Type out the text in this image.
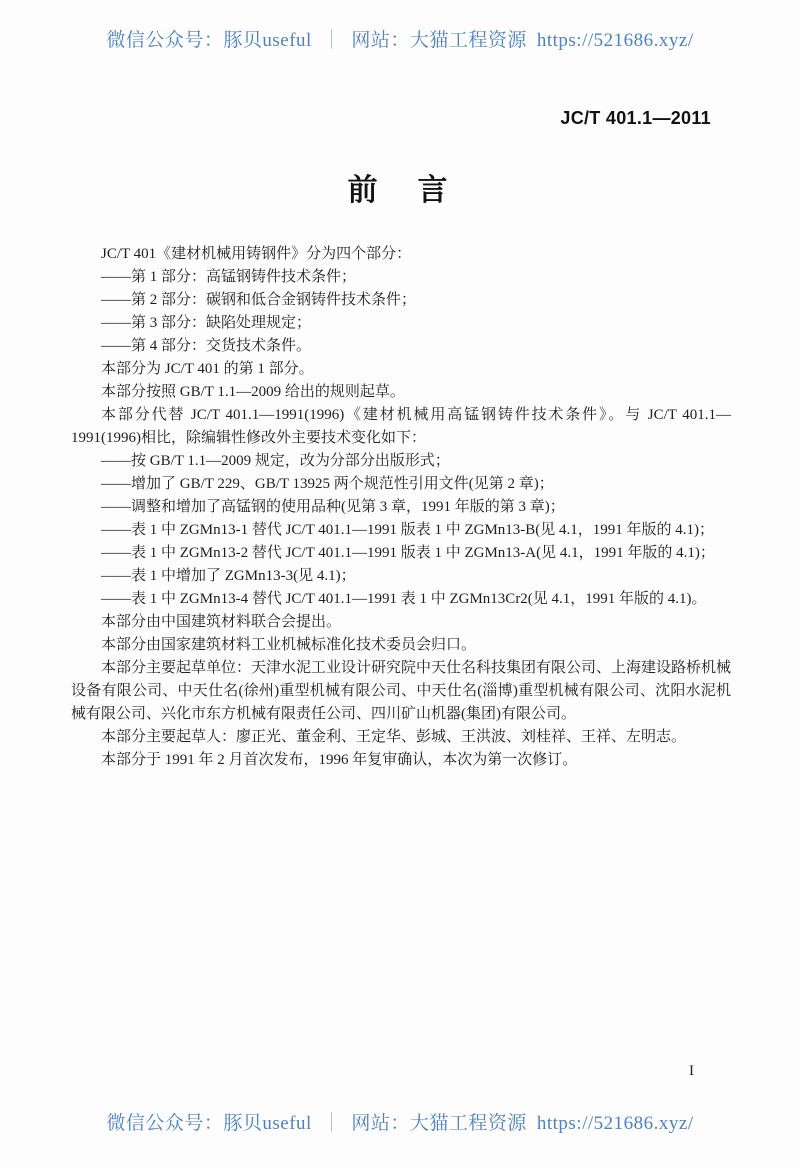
微信公众号：豚贝useful ｜ 网站：大猫工程资源 https://521686.xyz/
JC/T 401.1—2011
前　言

JC/T 401《建材机械用铸钢件》分为四个部分：

——第 1 部分：高锰钢铸件技术条件；

——第 2 部分：碳钢和低合金钢铸件技术条件；

——第 3 部分：缺陷处理规定；

——第 4 部分：交货技术条件。

本部分为 JC/T 401 的第 1 部分。

本部分按照 GB/T 1.1—2009 给出的规则起草。

本部分代替 JC/T 401.1—1991(1996)《建材机械用高锰钢铸件技术条件》。与 JC/T 401.1—1991(1996)相比，除编辑性修改外主要技术变化如下：

——按 GB/T 1.1—2009 规定，改为分部分出版形式；

——增加了 GB/T 229、GB/T 13925 两个规范性引用文件(见第 2 章)；

——调整和增加了高锰钢的使用品种(见第 3 章，1991 年版的第 3 章)；

——表 1 中 ZGMn13-1 替代 JC/T 401.1—1991 版表 1 中 ZGMn13-B(见 4.1，1991 年版的 4.1)；

——表 1 中 ZGMn13-2 替代 JC/T 401.1—1991 版表 1 中 ZGMn13-A(见 4.1，1991 年版的 4.1)；

——表 1 中增加了 ZGMn13-3(见 4.1)；

——表 1 中 ZGMn13-4 替代 JC/T 401.1—1991 表 1 中 ZGMn13Cr2(见 4.1，1991 年版的 4.1)。

本部分由中国建筑材料联合会提出。

本部分由国家建筑材料工业机械标准化技术委员会归口。

本部分主要起草单位：天津水泥工业设计研究院中天仕名科技集团有限公司、上海建设路桥机械设备有限公司、中天仕名(徐州)重型机械有限公司、中天仕名(淄博)重型机械有限公司、沈阳水泥机械有限公司、兴化市东方机械有限责任公司、四川矿山机器(集团)有限公司。

本部分主要起草人：廖正光、董金利、王定华、彭城、王洪波、刘桂祥、王祥、左明志。

本部分于 1991 年 2 月首次发布，1996 年复审确认，本次为第一次修订。

I
微信公众号：豚贝useful ｜ 网站：大猫工程资源 https://521686.xyz/
